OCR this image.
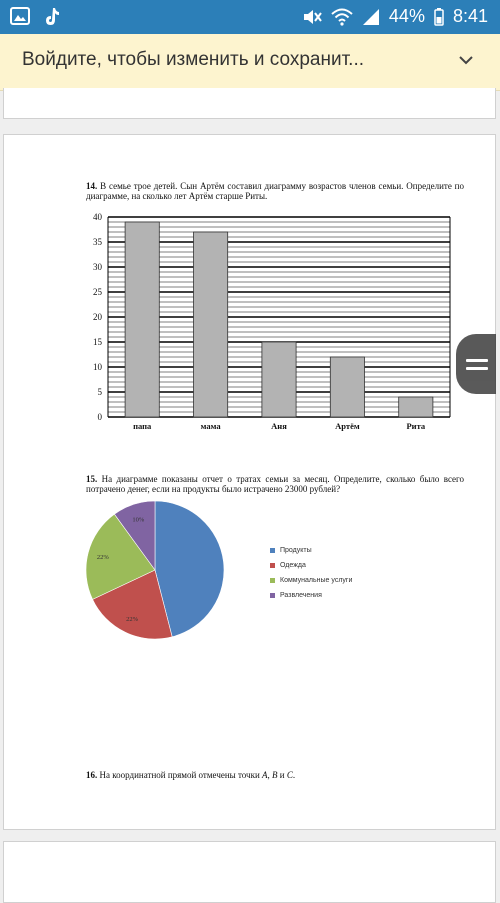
44% 8:41
Войдите, чтобы изменить и сохранит...
14. В семье трое детей. Сын Артём составил диаграмму возрастов членов семьи. Определите по диаграмме, на сколько лет Артём старше Риты.
0
5
10
15
20
25
30
35
40
папа	мама	Аня	Артём	Рита
15. На диаграмме показаны отчет о тратах семьи за месяц. Определите, сколько было всего потрачено денег, если на продукты было истрачено 23000 рублей?
22%
22%
10%
Продукты
Одежда
Коммунальные услуги
Развлечения
16. На координатной прямой отмечены точки A, B и C.
